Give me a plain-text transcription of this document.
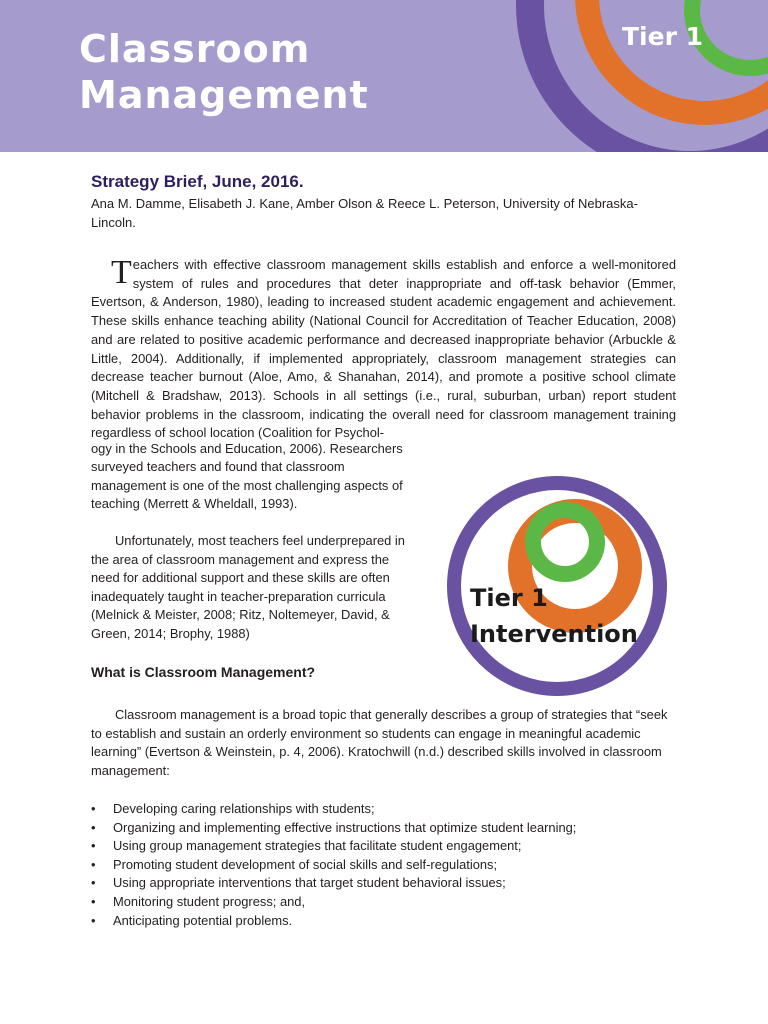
Classroom
Management
Tier 1
Strategy Brief, June, 2016.
Ana M. Damme, Elisabeth J. Kane, Amber Olson & Reece L. Peterson, University of Nebraska-Lincoln.
Teachers with effective classroom management skills establish and enforce a well-monitored system of rules and procedures that deter inappropriate and off-task behavior (Emmer, Evertson, & Anderson, 1980), leading to increased student academic engagement and achievement. These skills enhance teaching ability (National Council for Accreditation of Teacher Education, 2008) and are related to positive academic performance and decreased inappropriate behavior (Arbuckle & Little, 2004). Additionally, if implemented appropriately, classroom management strategies can decrease teacher burnout (Aloe, Amo, & Shanahan, 2014), and promote a positive school climate (Mitchell & Bradshaw, 2013). Schools in all settings (i.e., rural, suburban, urban) report student behavior problems in the classroom, indicating the overall need for classroom management training regardless of school location (Coalition for Psychol-
ogy in the Schools and Education, 2006). Researchers surveyed teachers and found that classroom management is one of the most challenging aspects of teaching (Merrett & Wheldall, 1993).
Unfortunately, most teachers feel underprepared in the area of classroom management and express the need for additional support and these skills are often inadequately taught in teacher-preparation curricula (Melnick & Meister, 2008; Ritz, Noltemeyer, David, & Green, 2014; Brophy, 1988)
Tier 1
Intervention
What is Classroom Management?
Classroom management is a broad topic that generally describes a group of strategies that “seek to establish and sustain an orderly environment so students can engage in meaningful academic learning” (Evertson & Weinstein, p. 4, 2006). Kratochwill (n.d.) described skills involved in classroom management:
• Developing caring relationships with students;
• Organizing and implementing effective instructions that optimize student learning;
• Using group management strategies that facilitate student engagement;
• Promoting student development of social skills and self-regulations;
• Using appropriate interventions that target student behavioral issues;
• Monitoring student progress; and,
• Anticipating potential problems.
